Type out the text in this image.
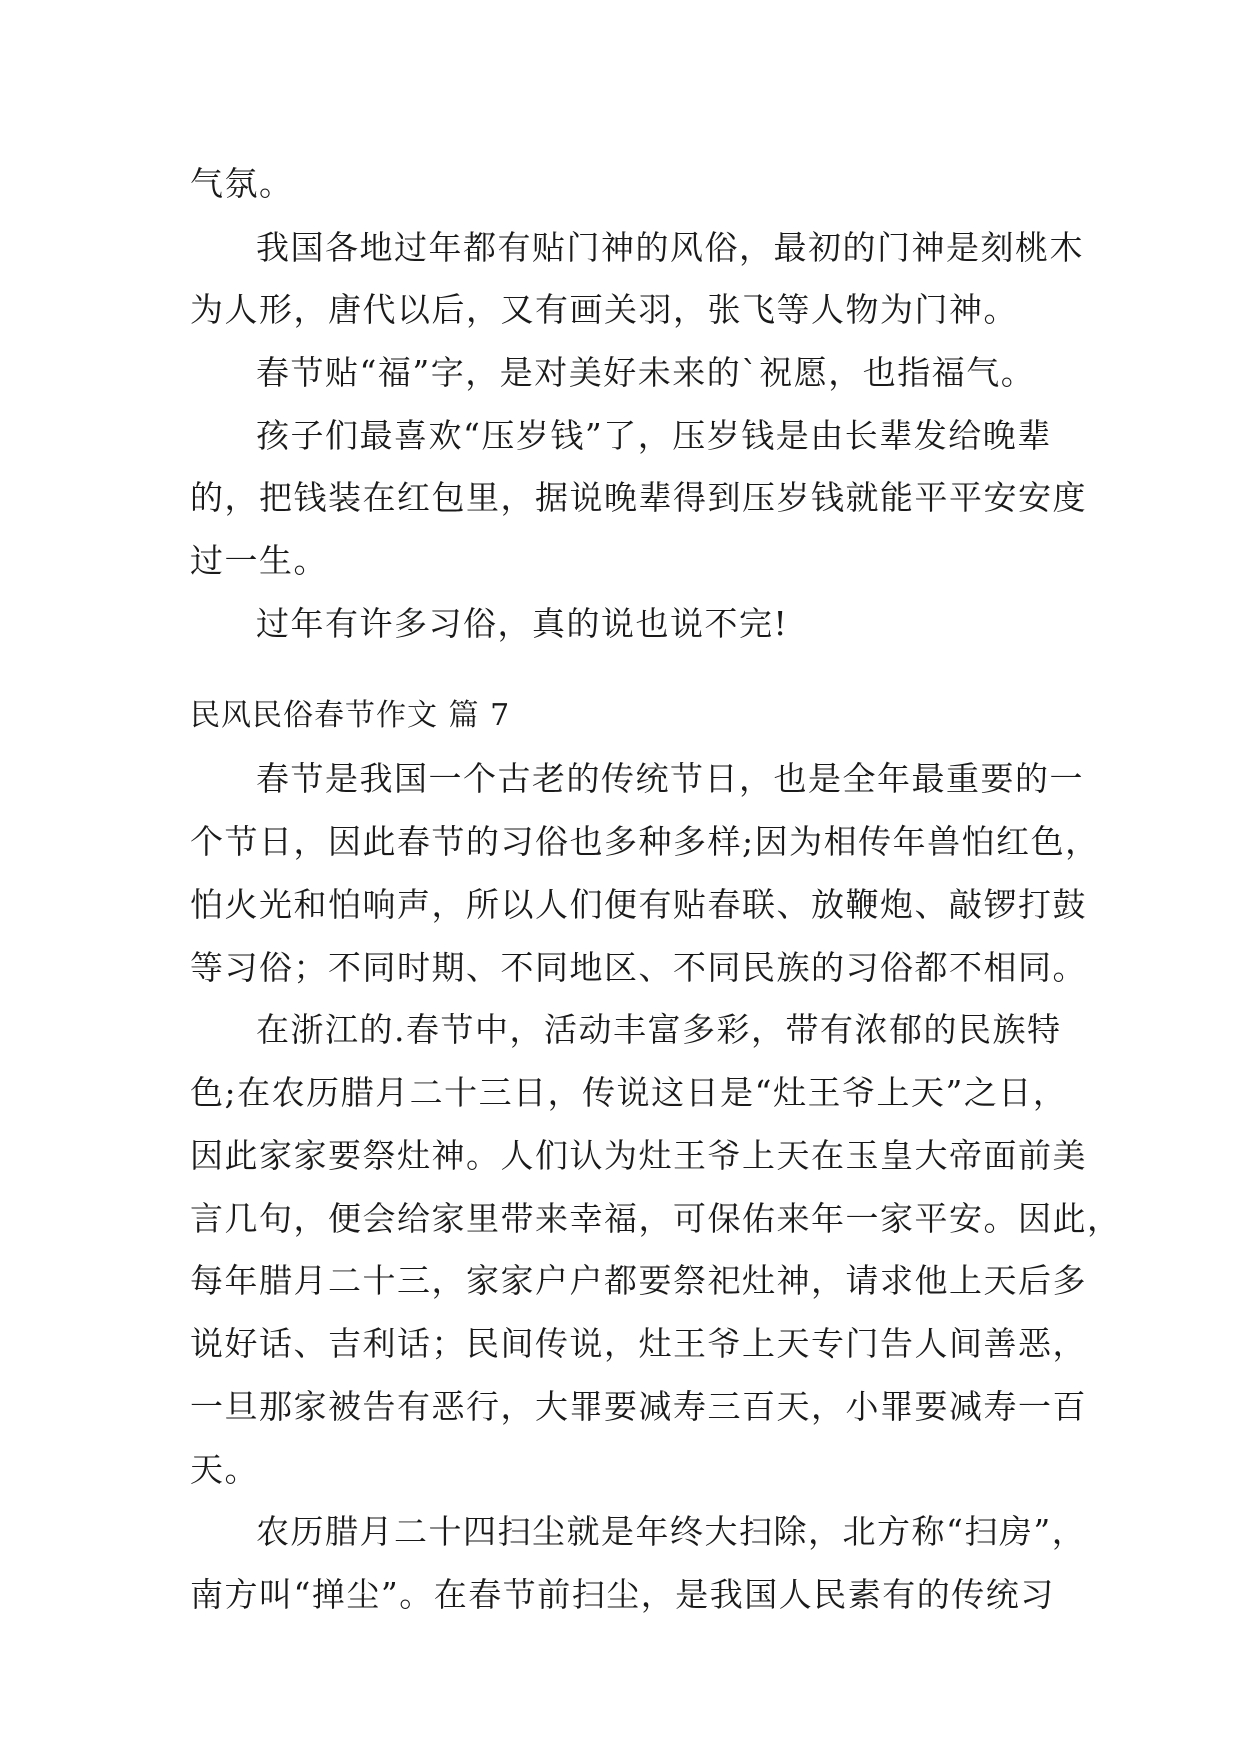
气氛。
我国各地过年都有贴门神的风俗，最初的门神是刻桃木
为人形，唐代以后，又有画关羽，张飞等人物为门神。
春节贴“福”字，是对美好未来的`祝愿，也指福气。
孩子们最喜欢“压岁钱”了，压岁钱是由长辈发给晚辈
的，把钱装在红包里，据说晚辈得到压岁钱就能平平安安度
过一生。
过年有许多习俗，真的说也说不完!
民风民俗春节作文 篇 7
春节是我国一个古老的传统节日，也是全年最重要的一
个节日，因此春节的习俗也多种多样;因为相传年兽怕红色，
怕火光和怕响声，所以人们便有贴春联、放鞭炮、敲锣打鼓
等习俗；不同时期、不同地区、不同民族的习俗都不相同。
在浙江的.春节中，活动丰富多彩，带有浓郁的民族特
色;在农历腊月二十三日，传说这日是“灶王爷上天”之日，
因此家家要祭灶神。人们认为灶王爷上天在玉皇大帝面前美
言几句，便会给家里带来幸福，可保佑来年一家平安。因此，
每年腊月二十三，家家户户都要祭祀灶神，请求他上天后多
说好话、吉利话；民间传说，灶王爷上天专门告人间善恶，
一旦那家被告有恶行，大罪要减寿三百天，小罪要减寿一百
天。
农历腊月二十四扫尘就是年终大扫除，北方称“扫房”，
南方叫“掸尘”。在春节前扫尘，是我国人民素有的传统习
